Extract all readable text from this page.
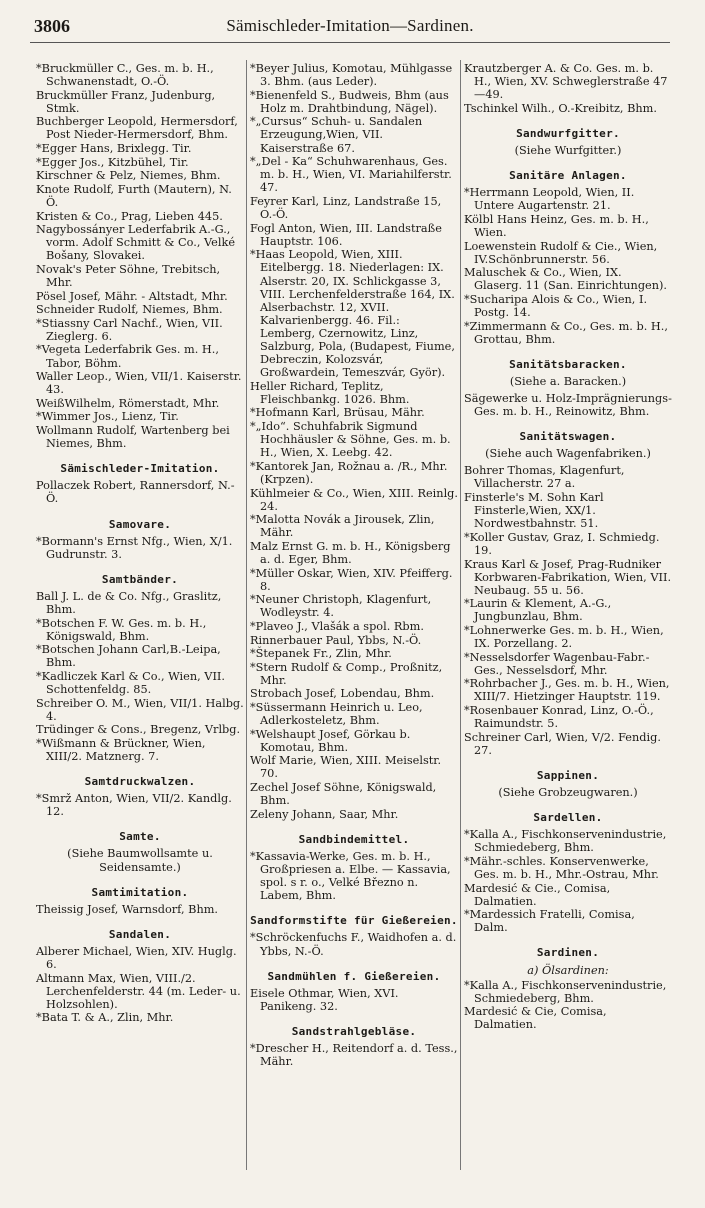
3806	Sämischleder-Imitation—Sardinen.
*Bruckmüller C., Ges. m. b. H., Schwanenstadt, O.-Ö.
Bruckmüller Franz, Judenburg, Stmk.
Buchberger Leopold, Hermersdorf, Post Nieder-Hermersdorf, Bhm.
*Egger Hans, Brixlegg. Tir.
*Egger Jos., Kitzbühel, Tir.
Kirschner & Pelz, Niemes, Bhm.
Knote Rudolf, Furth (Mautern), N. Ö.
Kristen & Co., Prag, Lieben 445.
Nagybossányer Lederfabrik A.-G., vorm. Adolf Schmitt & Co., Velké Bošany, Slovakei.
Novak's Peter Söhne, Trebitsch, Mhr.
Pösel Josef, Mähr. - Altstadt, Mhr.
Schneider Rudolf, Niemes, Bhm.
*Stiassny Carl Nachf., Wien, VII. Zieglerg. 6.
*Vegeta Lederfabrik Ges. m. H., Tabor, Böhm.
Waller Leop., Wien, VII/1. Kaiserstr. 43.
WeißWilhelm, Römerstadt, Mhr.
*Wimmer Jos., Lienz, Tir.
Wollmann Rudolf, Wartenberg bei Niemes, Bhm.
Sämischleder-Imitation.
Pollaczek Robert, Rannersdorf, N.-Ö.
Samovare.
*Bormann's Ernst Nfg., Wien, X/1. Gudrunstr. 3.
Samtbänder.
Ball J. L. de & Co. Nfg., Graslitz, Bhm.
*Botschen F. W. Ges. m. b. H., Königswald, Bhm.
*Botschen Johann Carl,B.-Leipa, Bhm.
*Kadliczek Karl & Co., Wien, VII. Schottenfeldg. 85.
Schreiber O. M., Wien, VII/1. Halbg. 4.
Trüdinger & Cons., Bregenz, Vrlbg.
*Wißmann & Brückner, Wien, XIII/2. Matznerg. 7.
Samtdruckwalzen.
*Smrž Anton, Wien, VII/2. Kandlg. 12.
Samte.
(Siehe Baumwollsamte u. Seidensamte.)
Samtimitation.
Theissig Josef, Warnsdorf, Bhm.
Sandalen.
Alberer Michael, Wien, XIV. Huglg. 6.
Altmann Max, Wien, VIII./2. Lerchenfelderstr. 44 (m. Leder- u. Holzsohlen).
*Bata T. & A., Zlin, Mhr.
*Beyer Julius, Komotau, Mühlgasse 3. Bhm. (aus Leder).
*Bienenfeld S., Budweis, Bhm (aus Holz m. Drahtbindung, Nägel).
*„Cursus“ Schuh- u. Sandalen Erzeugung,Wien, VII. Kaiserstraße 67.
*„Del - Ka“ Schuhwarenhaus, Ges. m. b. H., Wien, VI. Mariahilferstr. 47.
Feyrer Karl, Linz, Landstraße 15, O.-Ö.
Fogl Anton, Wien, III. Landstraße Hauptstr. 106.
*Haas Leopold, Wien, XIII. Eitelbergg. 18. Niederlagen: IX. Alserstr. 20, IX. Schlickgasse 3, VIII. Lerchenfelderstraße 164, IX. Alserbachstr. 12, XVII. Kalvarienbergg. 46. Fil.: Lemberg, Czernowitz, Linz, Salzburg, Pola, (Budapest, Fiume, Debreczin, Kolozsvár, Großwardein, Temeszvár, Györ).
Heller Richard, Teplitz, Fleischbankg. 1026. Bhm.
*Hofmann Karl, Brüsau, Mähr.
*„Ido“. Schuhfabrik Sigmund Hochhäusler & Söhne, Ges. m. b. H., Wien, X. Leebg. 42.
*Kantorek Jan, Rožnau a. /R., Mhr. (Krpzen).
Kühlmeier & Co., Wien, XIII. Reinlg. 24.
*Malotta Novák a Jirousek, Zlin, Mähr.
Malz Ernst G. m. b. H., Königsberg a. d. Eger, Bhm.
*Müller Oskar, Wien, XIV. Pfeifferg. 8.
*Neuner Christoph, Klagenfurt, Wodleystr. 4.
*Plaveo J., Vlašák a spol. Rbm.
Rinnerbauer Paul, Ybbs, N.-Ö.
*Štepanek Fr., Zlin, Mhr.
*Stern Rudolf & Comp., Proßnitz, Mhr.
Strobach Josef, Lobendau, Bhm.
*Süssermann Heinrich u. Leo, Adlerkosteletz, Bhm.
*Welshaupt Josef, Görkau b. Komotau, Bhm.
Wolf Marie, Wien, XIII. Meiselstr. 70.
Zechel Josef Söhne, Königswald, Bhm.
Zeleny Johann, Saar, Mhr.
Sandbindemittel.
*Kassavia-Werke, Ges. m. b. H., Großpriesen a. Elbe. — Kassavia, spol. s r. o., Velké Březno n. Labem, Bhm.
Sandformstifte für Gießereien.
*Schröckenfuchs F., Waidhofen a. d. Ybbs, N.-Ö.
Sandmühlen f. Gießereien.
Eisele Othmar, Wien, XVI. Panikeng. 32.
Sandstrahlgebläse.
*Drescher H., Reitendorf a. d. Tess., Mähr.
Krautzberger A. & Co. Ges. m. b. H., Wien, XV. Schweglerstraße 47—49.
Tschinkel Wilh., O.-Kreibitz, Bhm.
Sandwurfgitter.
(Siehe Wurfgitter.)
Sanitäre Anlagen.
*Herrmann Leopold, Wien, II. Untere Augartenstr. 21.
Kölbl Hans Heinz, Ges. m. b. H., Wien.
Loewenstein Rudolf & Cie., Wien, IV.Schönbrunnerstr. 56.
Maluschek & Co., Wien, IX. Glaserg. 11 (San. Einrichtungen).
*Sucharipa Alois & Co., Wien, I. Postg. 14.
*Zimmermann & Co., Ges. m. b. H., Grottau, Bhm.
Sanitätsbaracken.
(Siehe a. Baracken.)
Sägewerke u. Holz-Imprägnierungs-Ges. m. b. H., Reinowitz, Bhm.
Sanitätswagen.
(Siehe auch Wagenfabriken.)
Bohrer Thomas, Klagenfurt, Villacherstr. 27 a.
Finsterle's M. Sohn Karl Finsterle,Wien, XX/1. Nordwestbahnstr. 51.
*Koller Gustav, Graz, I. Schmiedg. 19.
Kraus Karl & Josef, Prag-Rudniker Korbwaren-Fabrikation, Wien, VII. Neubaug. 55 u. 56.
*Laurin & Klement, A.-G., Jungbunzlau, Bhm.
*Lohnerwerke Ges. m. b. H., Wien, IX. Porzellang. 2.
*Nesselsdorfer Wagenbau-Fabr.-Ges., Nesselsdorf, Mhr.
*Rohrbacher J., Ges. m. b. H., Wien, XIII/7. Hietzinger Hauptstr. 119.
*Rosenbauer Konrad, Linz, O.-Ö., Raimundstr. 5.
Schreiner Carl, Wien, V/2. Fendig. 27.
Sappinen.
(Siehe Grobzeugwaren.)
Sardellen.
*Kalla A., Fischkonservenindustrie, Schmiedeberg, Bhm.
*Mähr.-schles. Konservenwerke, Ges. m. b. H., Mhr.-Ostrau, Mhr.
Mardesić & Cie., Comisa, Dalmatien.
*Mardessich Fratelli, Comisa, Dalm.
Sardinen.
a) Ölsardinen:
*Kalla A., Fischkonservenindustrie, Schmiedeberg, Bhm.
Mardesić & Cie, Comisa, Dalmatien.
